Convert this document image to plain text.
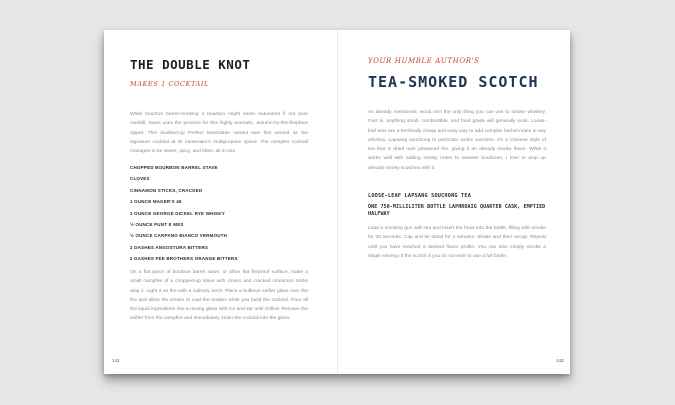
THE DOUBLE KNOT
MAKES 1 COCKTAIL

While bourbon barrel-smoking a bourbon might seem redundant if not pure overkill, Davis uses the process for this highly aromatic, autumn-by-the-fireplace sipper. This doubled-up Perfect Manhattan variant was first served as the signature cocktail at its namesake's multipurpose space. The complex cocktail manages to be sweet, spicy, and bitter, all in one.

CHOPPED BOURBON BARREL STAVE
CLOVES
CINNAMON STICKS, CRACKED
1 OUNCE MAKER'S 46
1 OUNCE GEORGE DICKEL RYE WHISKY
½ OUNCE PUNT E MES
½ OUNCE CARPANO BIANCO VERMOUTH
2 DASHES ANGOSTURA BITTERS
2 DASHES FEE BROTHERS ORANGE BITTERS

On a flat piece of bourbon barrel stave, or other flat fireproof surface, make a small campfire of a chopped-up stave with cloves and cracked cinnamon sticks atop it. Light it on fire with a culinary torch. Place a bulbous snifter glass over the fire and allow the smoke to coat the insides while you build the cocktail. Pour all the liquid ingredients into a mixing glass with ice and stir until chilled. Remove the snifter from the campfire and immediately strain the cocktail into the glass.

142
YOUR HUMBLE AUTHOR'S
TEA-SMOKED SCOTCH

As already mentioned, wood isn't the only thing you can use to smoke whiskey. Fact is, anything small, combustible, and food grade will generally work. Loose-leaf teas are a terrifically cheap and easy way to add complex herbal notes to any whiskey. Lapsang souchong in particular works wonders. It's a Chinese style of tea that is dried over pinewood fire, giving it an already smoky flavor. While it works well with adding smoky notes to sweeter bourbons, I love to amp up already smoky scotches with it.

LOOSE-LEAF LAPSANG SOUCHONG TEA
ONE 750-MILLILITER BOTTLE LAPHROAIG QUARTER CASK, EMPTIED HALFWAY

Load a smoking gun with tea and insert the hose into the bottle, filling with smoke for 30 seconds. Cap and let stand for 4 minutes. Shake and then uncap. Repeat until you have reached a desired flavor profile. You can also simply smoke a single serving of the scotch if you do not wish to use a full bottle.

143
